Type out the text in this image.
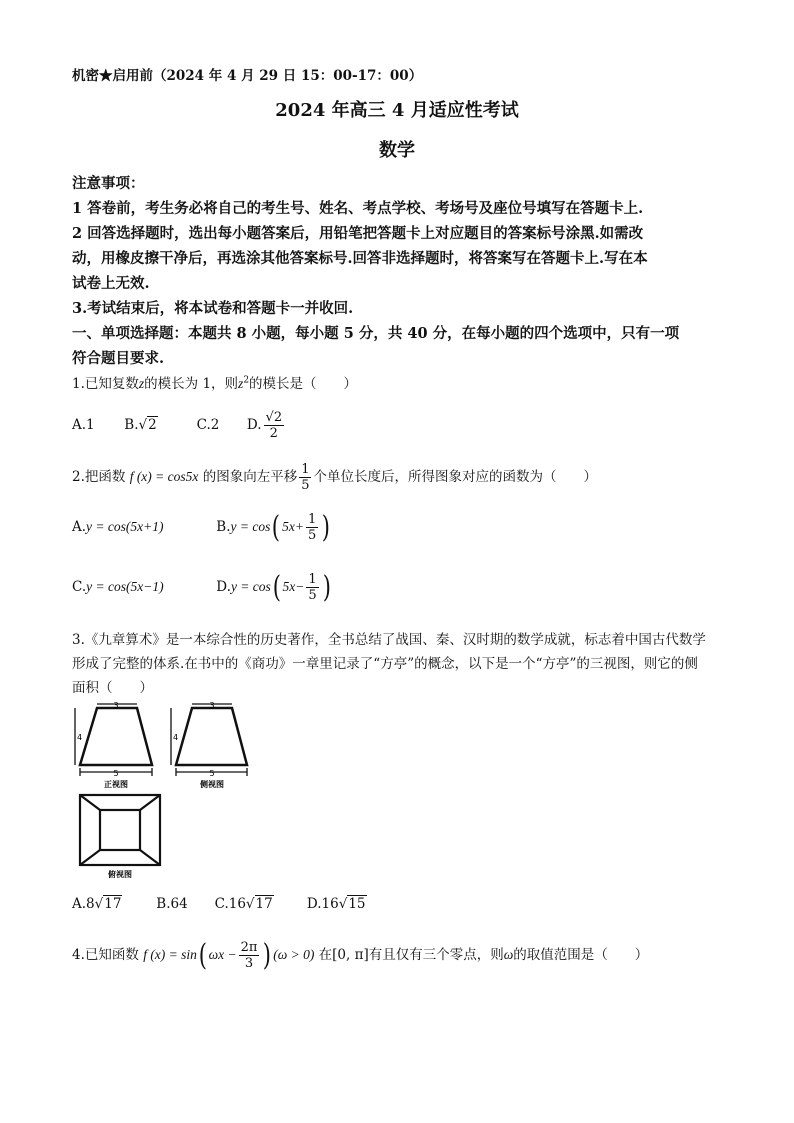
机密★启用前（2024 年 4 月 29 日 15：00-17：00）
2024 年高三 4 月适应性考试
数学
注意事项：
1 答卷前，考生务必将自己的考生号、姓名、考点学校、考场号及座位号填写在答题卡上.
2 回答选择题时，选出每小题答案后，用铅笔把答题卡上对应题目的答案标号涂黑.如需改
动，用橡皮擦干净后，再选涂其他答案标号.回答非选择题时，将答案写在答题卡上.写在本
试卷上无效.
3.考试结束后，将本试卷和答题卡一并收回.
一、单项选择题：本题共 8 小题，每小题 5 分，共 40 分，在每小题的四个选项中，只有一项
符合题目要求.
1.已知复数z的模长为 1，则$z^2$的模长是（　　）
A.1 B.√2	C.2 D. $\frac{√2}{2}$
2.把函数 f (x) = cos5x 的图象向左平移 $\frac{1}{5}$ 个单位长度后，所得图象对应的函数为（　　）
A.y = cos(5x+1)	B.y = cos( $5x+ \frac{1}{5}$ )
C.y = cos(5x−1)	D.y = cos( $5x- \frac{1}{5}$ )
3.《九章算术》是一本综合性的历史著作，全书总结了战国、秦、汉时期的数学成就，标志着中国古代数学
形成了完整的体系.在书中的《商功》一章里记录了“方亭”的概念，以下是一个“方亭”的三视图，则它的侧
面积（　　）
3
4
5
正视图
3
4
5
侧视图
俯视图
A.8√17	B.64 C.16√17	D.16√15
4.已知函数 f (x) = sin( $\omega x - \frac{2\pi}{3}$ ) (ω > 0) 在[0, π]有且仅有三个零点，则ω的取值范围是（　　）
